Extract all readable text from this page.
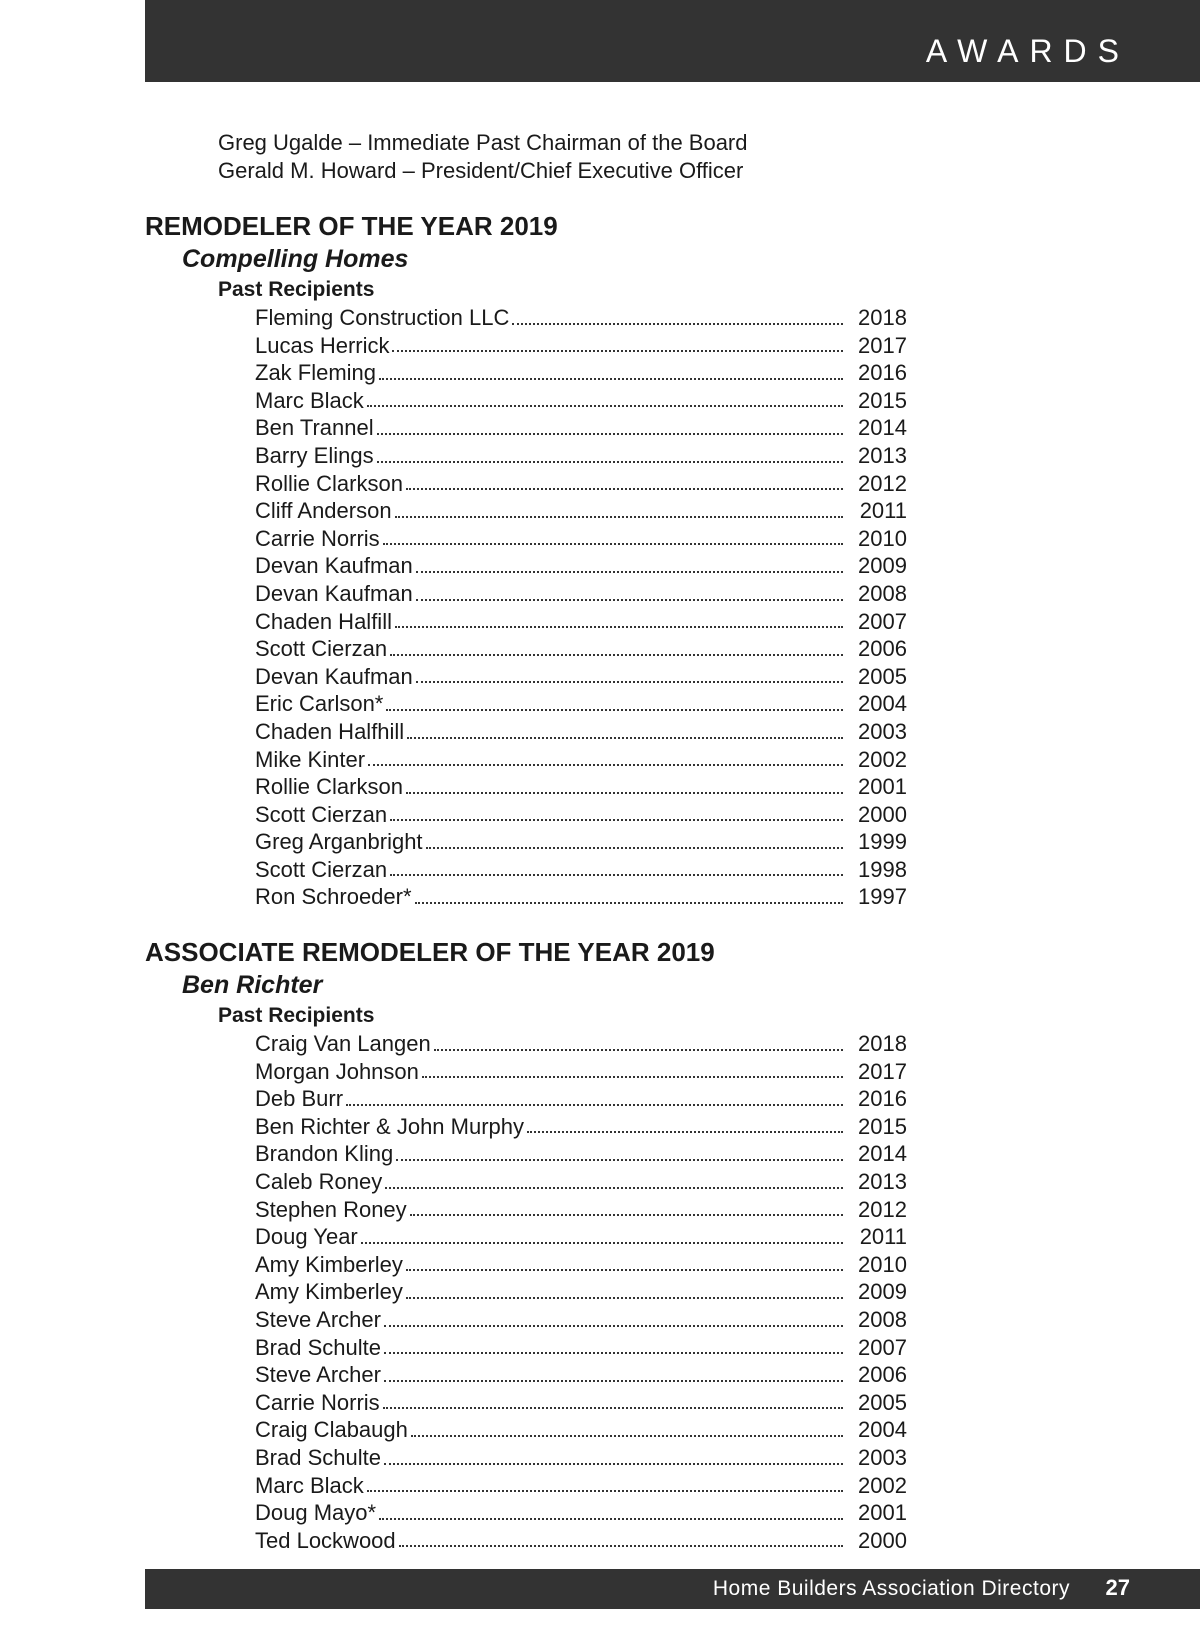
AWARDS
Greg Ugalde – Immediate Past Chairman of the Board
Gerald M. Howard – President/Chief Executive Officer
REMODELER OF THE YEAR 2019
Compelling Homes
Past Recipients
Fleming Construction LLC	2018
Lucas Herrick	2017
Zak Fleming	2016
Marc Black	2015
Ben Trannel	2014
Barry Elings	2013
Rollie Clarkson	2012
Cliff Anderson	2011
Carrie Norris	2010
Devan Kaufman	2009
Devan Kaufman	2008
Chaden Halfill	2007
Scott Cierzan	2006
Devan Kaufman	2005
Eric Carlson*	2004
Chaden Halfhill	2003
Mike Kinter	2002
Rollie Clarkson	2001
Scott Cierzan	2000
Greg Arganbright	1999
Scott Cierzan	1998
Ron Schroeder*	1997
ASSOCIATE REMODELER OF THE YEAR 2019
Ben Richter
Past Recipients
Craig Van Langen	2018
Morgan Johnson	2017
Deb Burr	2016
Ben Richter & John Murphy	2015
Brandon Kling	2014
Caleb Roney	2013
Stephen Roney	2012
Doug Year	2011
Amy Kimberley	2010
Amy Kimberley	2009
Steve Archer	2008
Brad Schulte	2007
Steve Archer	2006
Carrie Norris	2005
Craig Clabaugh	2004
Brad Schulte	2003
Marc Black	2002
Doug Mayo*	2001
Ted Lockwood	2000
Home Builders Association Directory 27
